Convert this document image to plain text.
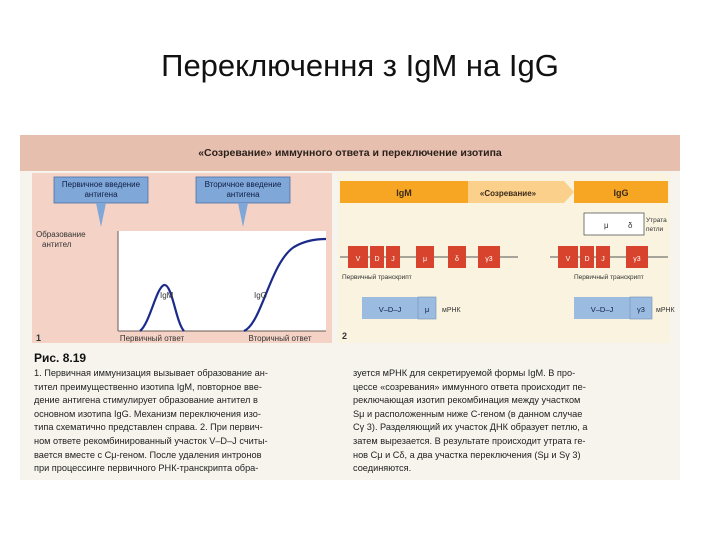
Переключення з IgM на IgG
«Созревание» иммунного ответа и переключение изотипа
Первичное введение
антигена
Вторичное введение
антигена
Образование
антител
IgM	IgG
1	Первичный ответ	Вторичный ответ
IgM	«Созревание»	IgG
μ δ
Утрата
петли
V D J	μ	δ	γ3
Первичный транскрипт
V D J	γ3
Первичный транскрипт
V–D–J	μ мРНК	V–D–J	γ3 мРНК
2
Рис. 8.19
1. Первичная иммунизация вызывает образование ан-
тител преимущественно изотипа IgM, повторное вве-
дение антигена стимулирует образование антител в
основном изотипа IgG. Механизм переключения изо-
типа схематично представлен справа. 2. При первич-
ном ответе рекомбинированный участок V–D–J считы-
вается вместе с Cμ-геном. После удаления интронов
при процессинге первичного РНК-транскрипта обра-
зуется мРНК для секретируемой формы IgM. В про-
цессе «созревания» иммунного ответа происходит пе-
реключающая изотип рекомбинация между участком
Sμ и расположенным ниже C-геном (в данном случае
Cγ 3). Разделяющий их участок ДНК образует петлю, а
затем вырезается. В результате происходит утрата ге-
нов Cμ и Cδ, а два участка переключения (Sμ и Sγ 3)
соединяются.
